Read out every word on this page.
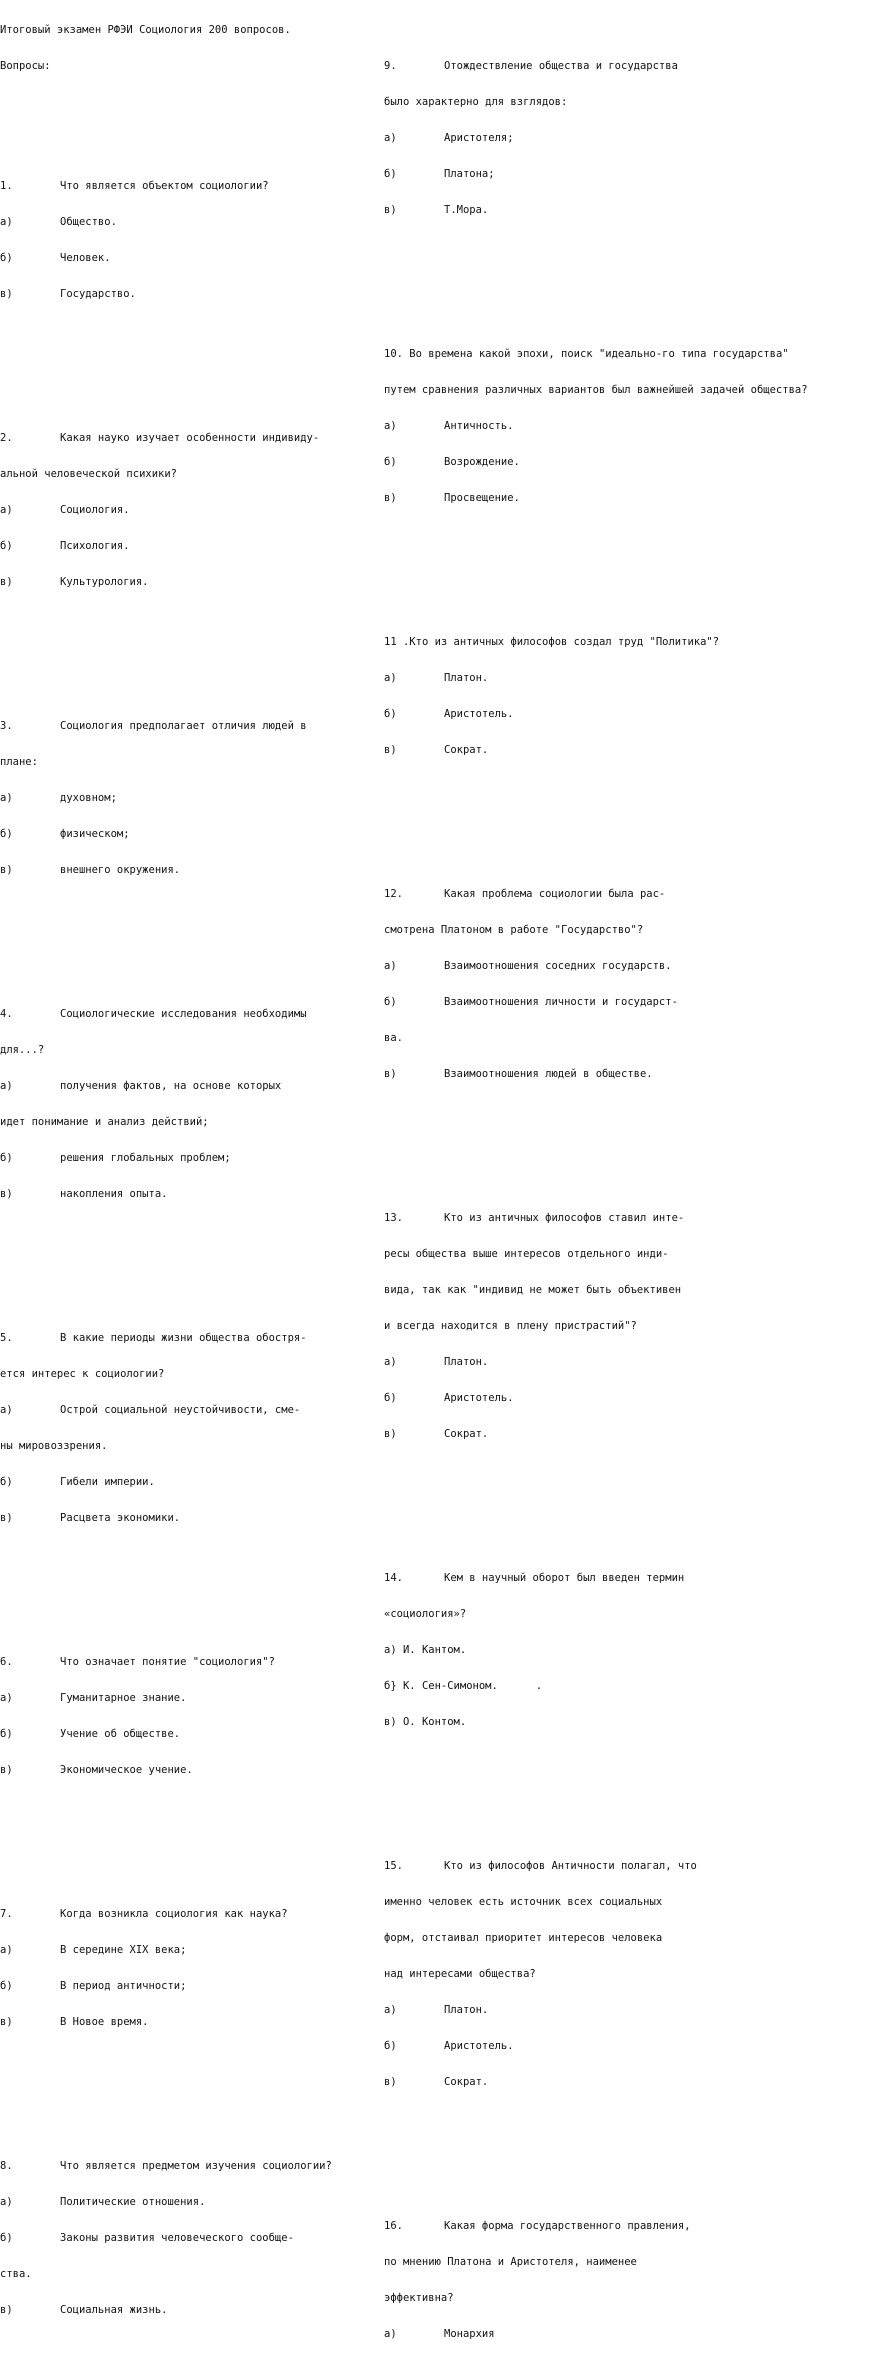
Итоговый экзамен РФЭИ Социология 200 вопросов.

Вопросы:

1.	Что является объектом социологии?

а)	Общество.

б)	Человек.

в)	Государство.

2.	Какая науко изучает особенности индивиду-

альной человеческой психики?

а)	Социология.

б)	Психология.

в)	Культурология.

3.	Социология предполагает отличия людей в

плане:

а)	духовном;

б)	физическом;

в)	внешнего окружения.

4.	Социологические исследования необходимы

для...?

а)	получения фактов, на основе которых

идет понимание и анализ действий;

б)	решения глобальных проблем;

в)	накопления опыта.

5.	В какие периоды жизни общества обостря-

ется интерес к социологии?

а)	Острой социальной неустойчивости, сме-

ны мировоззрения.

б)	Гибели империи.

в)	Расцвета экономики.

6.	Что означает понятие "социология"?

а)	Гуманитарное знание.

б)	Учение об обществе.

в)	Экономическое учение.

7.	Когда возникла социология как наука?

а)	В середине XIX века;

б)	В период античности;

в)	В Новое время.

8.	Что является предметом изучения социологии?

а)	Политические отношения.

б)	Законы развития человеческого сообще-

ства.

в)	Социальная жизнь.

9.	Отождествление общества и государства

было характерно для взглядов:

а)	Аристотеля;

б)	Платона;

в)	Т.Мора.

10. Во времена какой эпохи, поиск "идеально-го типа государства"

путем сравнения различных вариантов был важнейшей задачей общества?

а)	Античность.

б)	Возрождение.

в)	Просвещение.

11 .Кто из античных философов создал труд "Политика"?

а)	Платон.

б)	Аристотель.

в)	Сократ.

12.	Какая проблема социологии была рас-

смотрена Платоном в работе "Государство"?

а)	Взаимоотношения соседних государств.

б)	Взаимоотношения личности и государст-

ва.

в)	Взаимоотношения людей в обществе.

13.	Кто из античных философов ставил инте-

ресы общества выше интересов отдельного инди-

вида, так как "индивид не может быть объективен

и всегда находится в плену пристрастий"?

а)	Платон.

б)	Аристотель.

в)	Сократ.

14.	Кем в научный оборот был введен термин

«социология»?

а) И. Кантом.

б} К. Сен-Симоном.      .

в) О. Контом.

15.	Кто из философов Античности полагал, что

именно человек есть источник всех социальных

форм, отстаивал приоритет интересов человека

над интересами общества?

а)	Платон.

б)	Аристотель.

в)	Сократ.

16.	Какая форма государственного правления,

по мнению Платона и Аристотеля, наименее

эффективна?

а)	Монархия
